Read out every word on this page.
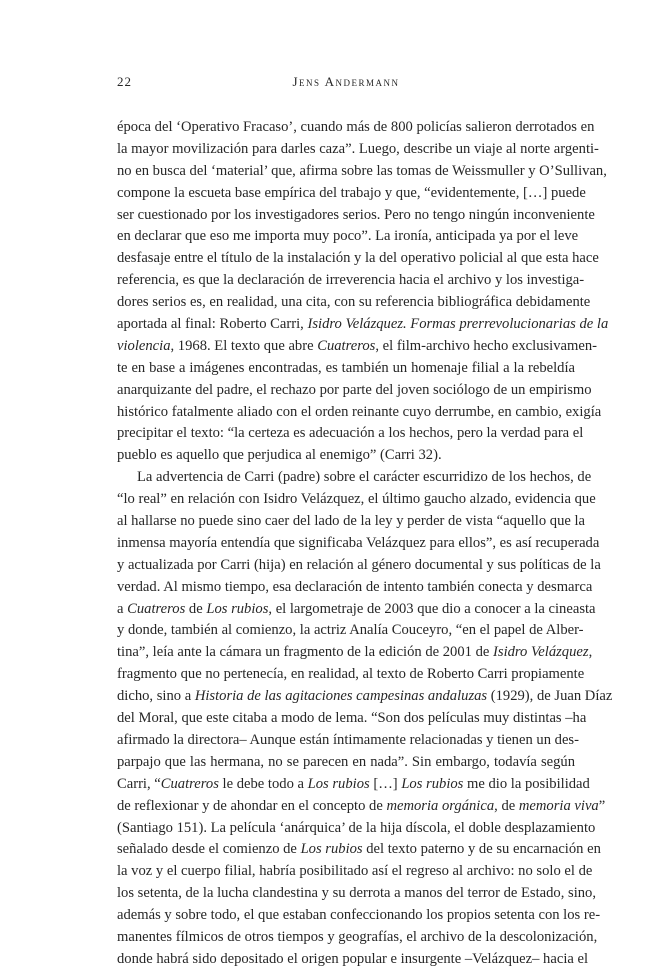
22	Jens Andermann
época del ‘Operativo Fracaso’, cuando más de 800 policías salieron derrotados en
la mayor movilización para darles caza”. Luego, describe un viaje al norte argenti-
no en busca del ‘material’ que, afirma sobre las tomas de Weissmuller y O’Sullivan,
compone la escueta base empírica del trabajo y que, “evidentemente, […] puede
ser cuestionado por los investigadores serios. Pero no tengo ningún inconveniente
en declarar que eso me importa muy poco”. La ironía, anticipada ya por el leve
desfasaje entre el título de la instalación y la del operativo policial al que esta hace
referencia, es que la declaración de irreverencia hacia el archivo y los investiga-
dores serios es, en realidad, una cita, con su referencia bibliográfica debidamente
aportada al final: Roberto Carri, Isidro Velázquez. Formas prerrevolucionarias de la
violencia, 1968. El texto que abre Cuatreros, el film-archivo hecho exclusivamen-
te en base a imágenes encontradas, es también un homenaje filial a la rebeldía
anarquizante del padre, el rechazo por parte del joven sociólogo de un empirismo
histórico fatalmente aliado con el orden reinante cuyo derrumbe, en cambio, exigía
precipitar el texto: “la certeza es adecuación a los hechos, pero la verdad para el
pueblo es aquello que perjudica al enemigo” (Carri 32).
La advertencia de Carri (padre) sobre el carácter escurridizo de los hechos, de
“lo real” en relación con Isidro Velázquez, el último gaucho alzado, evidencia que
al hallarse no puede sino caer del lado de la ley y perder de vista “aquello que la
inmensa mayoría entendía que significaba Velázquez para ellos”, es así recuperada
y actualizada por Carri (hija) en relación al género documental y sus políticas de la
verdad. Al mismo tiempo, esa declaración de intento también conecta y desmarca
a Cuatreros de Los rubios, el largometraje de 2003 que dio a conocer a la cineasta
y donde, también al comienzo, la actriz Analía Couceyro, “en el papel de Alber-
tina”, leía ante la cámara un fragmento de la edición de 2001 de Isidro Velázquez,
fragmento que no pertenecía, en realidad, al texto de Roberto Carri propiamente
dicho, sino a Historia de las agitaciones campesinas andaluzas (1929), de Juan Díaz
del Moral, que este citaba a modo de lema. “Son dos películas muy distintas –ha
afirmado la directora– Aunque están íntimamente relacionadas y tienen un des-
parpajo que las hermana, no se parecen en nada”. Sin embargo, todavía según
Carri, “Cuatreros le debe todo a Los rubios […] Los rubios me dio la posibilidad
de reflexionar y de ahondar en el concepto de memoria orgánica, de memoria viva”
(Santiago 151). La película ‘anárquica’ de la hija díscola, el doble desplazamiento
señalado desde el comienzo de Los rubios del texto paterno y de su encarnación en
la voz y el cuerpo filial, habría posibilitado así el regreso al archivo: no solo el de
los setenta, de la lucha clandestina y su derrota a manos del terror de Estado, sino,
además y sobre todo, el que estaban confeccionando los propios setenta con los re-
manentes fílmicos de otros tiempos y geografías, el archivo de la descolonización,
donde habrá sido depositado el origen popular e insurgente –Velázquez– hacia el
